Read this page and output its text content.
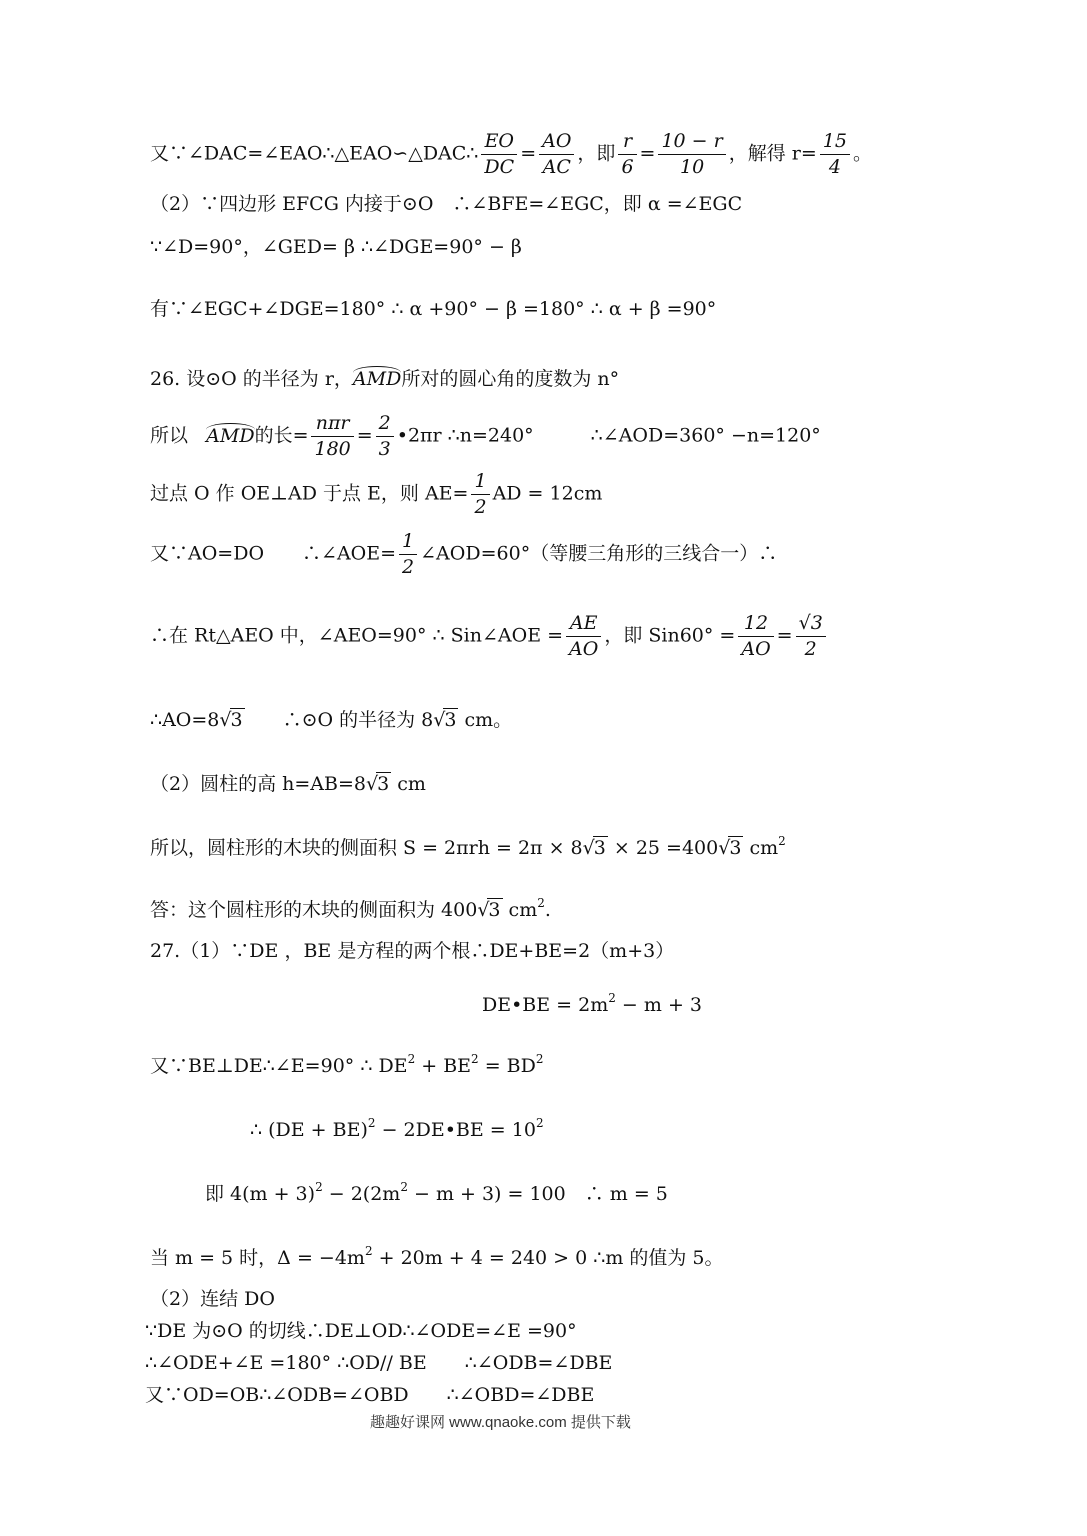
又∵∠DAC=∠EAO∴△EAO∽△DAC∴ $\frac{EO}{DC} = \frac{AO}{AC}$ ，即 $\frac{r}{6} = \frac{10 - r}{10}$ ，解得 $r= \frac{15}{4}$ 。
（2）∵四边形 EFCG 内接于⊙O　∴∠BFE=∠EGC，即 α =∠EGC
∵∠D=90°，∠GED= β ∴∠DGE=90° − β
有∵∠EGC+∠DGE=180° ∴ α +90° − β =180° ∴ α + β =90°
26. 设⊙O 的半径为 r，AMD所对的圆心角的度数为 n°
所以 AMD的长= $\frac{\text{nπr}}{180} = \frac{2}{3}$ •2πr ∴n=240°　　　∴∠AOD=360° −n=120°
过点 O 作 OE⊥AD 于点 E，则 $AE= \frac{1}{2}$ AD = 12cm
又∵AO=DO　　∴∠AOE= $\frac{1}{2}$ ∠AOD=60°（等腰三角形的三线合一）∴
∴在 Rt△AEO 中，∠AEO=90° ∴ Sin∠AOE = $\frac{AE}{AO}$ ，即 $Sin60^\circ = \frac{12}{AO} = \frac{√3}{2}$
∴AO=8√3　　∴⊙O 的半径为 8√3 cm。
（2）圆柱的高 h=AB=8√3 cm
所以，圆柱形的木块的侧面积 S = 2πrh = 2π × 8√3 × 25 =400√3 $cm^2$
答：这个圆柱形的木块的侧面积为 400√3 $cm^2$.
27.（1）∵DE ，BE 是方程的两个根∴DE+BE=2（m+3）
DE•BE = $2m^2 - m + 3$
又∵BE⊥DE∴∠E=90° ∴ $DE^2 + BE^2 = BD^2$
∴ (DE + BE)$^2$ − 2DE•BE = $10^2$
即 $4(m + 3)^2 - 2(2m^2 - m + 3) = 100$　∴ m = 5
当 m = 5 时，$\Delta = -4m^2 + 20m + 4 = 240 > 0$ ∴m 的值为 5。
（2）连结 DO
∵DE 为⊙O 的切线∴DE⊥OD∴∠ODE=∠E =90°
∴∠ODE+∠E =180° ∴OD// BE　　∴∠ODB=∠DBE
又∵OD=OB∴∠ODB=∠OBD　　∴∠OBD=∠DBE
趣趣好课网 www.qnaoke.com 提供下载
